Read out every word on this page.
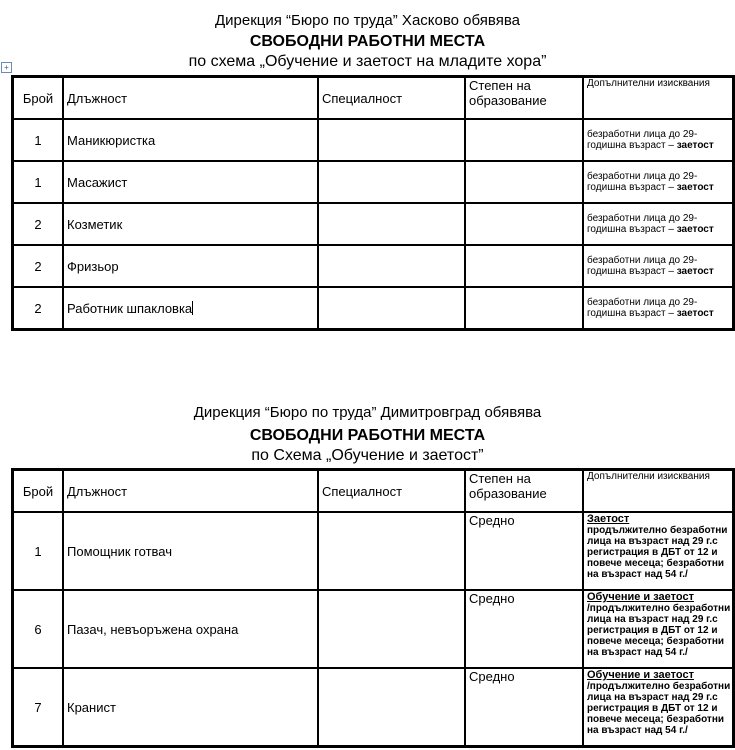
Дирекция “Бюро по труда” Хасково обявява
СВОБОДНИ РАБОТНИ МЕСТА
по схема „Обучение и заетост на младите хора”
+
Брой	Длъжност	Специалност	Степен на образование	Допълнителни изисквания
1	Маникюристка			безработни лица до 29-годишна възраст – заетост
1	Масажист			безработни лица до 29-годишна възраст – заетост
2	Козметик			безработни лица до 29-годишна възраст – заетост
2	Фризьор			безработни лица до 29-годишна възраст – заетост
2	Работник шпакловка			безработни лица до 29-годишна възраст – заетост
Дирекция “Бюро по труда” Димитровград обявява
СВОБОДНИ РАБОТНИ МЕСТА
по Схема „Обучение и заетост”
Брой	Длъжност	Специалност	Степен на образование	Допълнителни изисквания
1	Помощник готвач		Средно	Заетост
продължително безработни лица на възраст над 29 г.с регистрация в ДБТ от 12 и повече месеца; безработни на възраст над 54 г./

6	Пазач, невъоръжена охрана		Средно	Обучение и заетост
/продължително безработни лица на възраст над 29 г.с регистрация в ДБТ от 12 и повече месеца; безработни на възраст над 54 г./

7	Кранист		Средно	Обучение и заетост
/продължително безработни лица на възраст над 29 г.с регистрация в ДБТ от 12 и повече месеца; безработни на възраст над 54 г./
